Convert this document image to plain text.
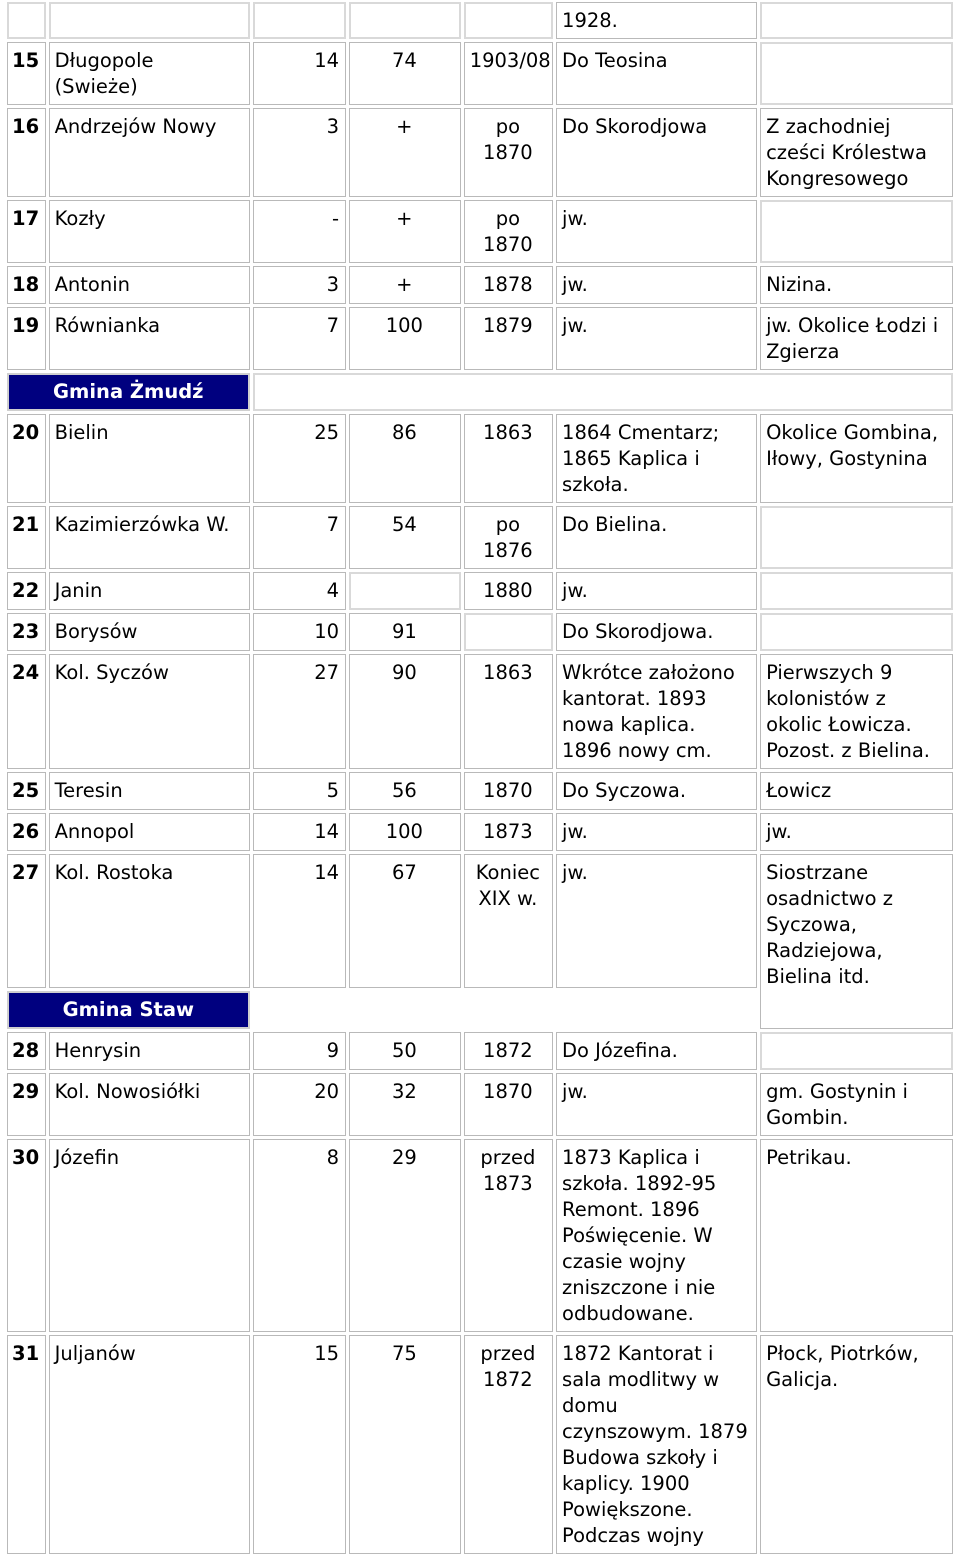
					1928.	
15	Długopole (Swieże)	14	74	1903/08	Do Teosina	
16	Andrzejów Nowy	3	+	po 1870	Do Skorodjowa	Z zachodniej cześci Królestwa Kongresowego
17	Kozły	-	+	po 1870	jw.	
18	Antonin	3	+	1878	jw.	Nizina.
19	Równianka	7	100	1879	jw.	jw. Okolice Łodzi i Zgierza
Gmina Żmudź						
20	Bielin	25	86	1863	1864 Cmentarz; 1865 Kaplica i szkoła.	Okolice Gombina, Iłowy, Gostynina
21	Kazimierzówka W.	7	54	po 1876	Do Bielina.	
22	Janin	4		1880	jw.	
23	Borysów	10	91		Do Skorodjowa.	
24	Kol. Syczów	27	90	1863	Wkrótce założono kantorat. 1893 nowa kaplica. 1896 nowy cm.	Pierwszych 9 kolonistów z okolic Łowicza. Pozost. z Bielina.
25	Teresin	5	56	1870	Do Syczowa.	Łowicz
26	Annopol	14	100	1873	jw.	jw.
27	Kol. Rostoka	14	67	Koniec XIX w.	jw.	Siostrzane osadnictwo z Syczowa, Radziejowa, Bielina itd.
Gmina Staw						
28	Henrysin	9	50	1872	Do Józefina.	
29	Kol. Nowosiółki	20	32	1870	jw.	gm. Gostynin i Gombin.
30	Józefin	8	29	przed 1873	1873 Kaplica i szkoła. 1892-95 Remont. 1896 Poświęcenie. W czasie wojny zniszczone i nie odbudowane.	Petrikau.
31	Juljanów	15	75	przed 1872	1872 Kantorat i sala modlitwy w domu czynszowym. 1879 Budowa szkoły i kaplicy. 1900 Powiększone. Podczas wojny	Płock, Piotrków, Galicja.
